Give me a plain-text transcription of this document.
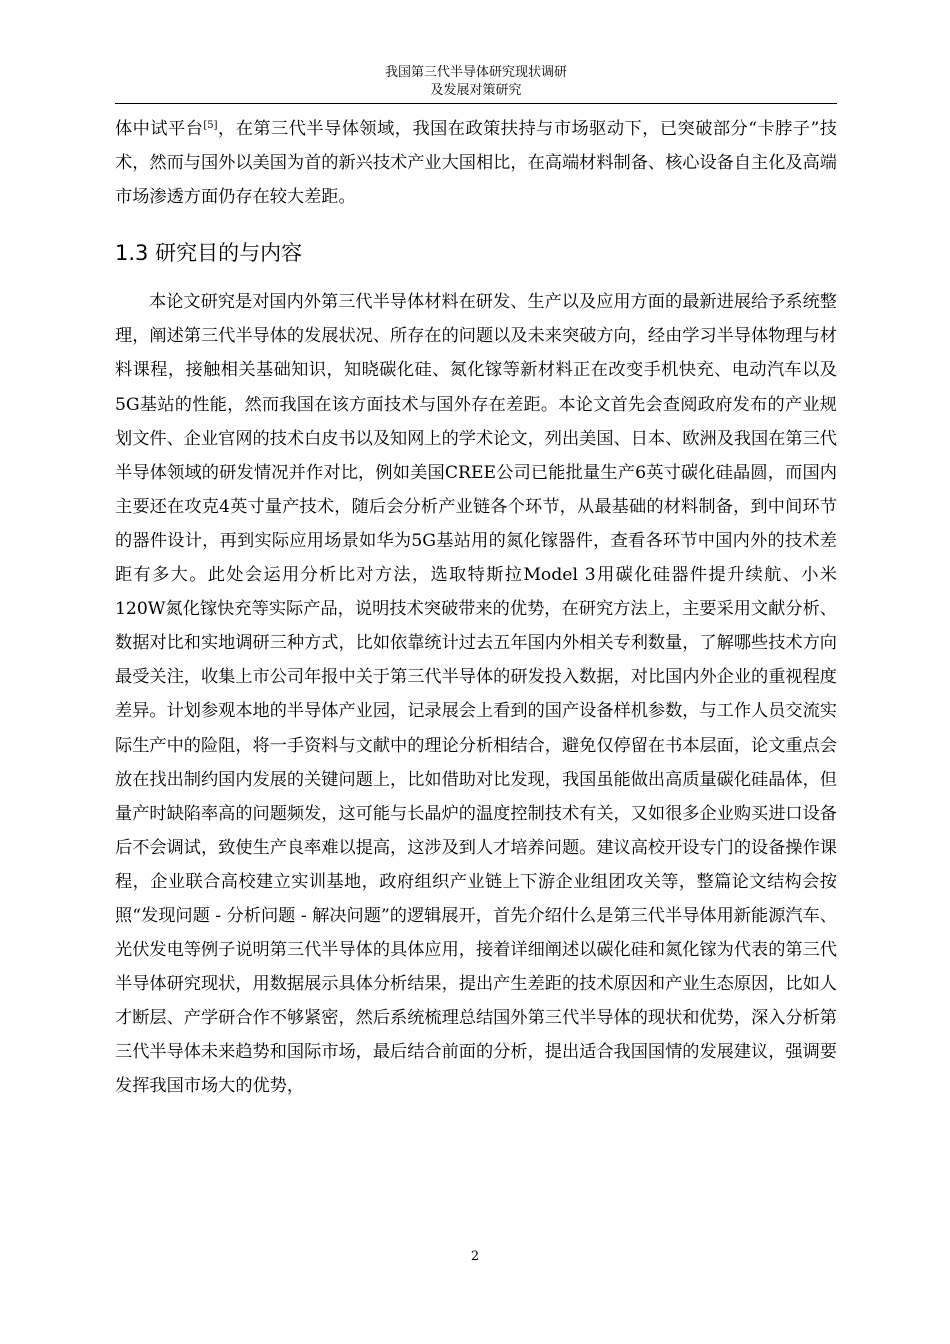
我国第三代半导体研究现状调研
及发展对策研究

体中试平台[5]，在第三代半导体领域，我国在政策扶持与市场驱动下，已突破部分“卡脖子”技术，然而与国外以美国为首的新兴技术产业大国相比，在高端材料制备、核心设备自主化及高端市场渗透方面仍存在较大差距。

1.3 研究目的与内容

本论文研究是对国内外第三代半导体材料在研发、生产以及应用方面的最新进展给予系统整理，阐述第三代半导体的发展状况、所存在的问题以及未来突破方向，经由学习半导体物理与材料课程，接触相关基础知识，知晓碳化硅、氮化镓等新材料正在改变手机快充、电动汽车以及5G基站的性能，然而我国在该方面技术与国外存在差距。本论文首先会查阅政府发布的产业规划文件、企业官网的技术白皮书以及知网上的学术论文，列出美国、日本、欧洲及我国在第三代半导体领域的研发情况并作对比，例如美国CREE公司已能批量生产6英寸碳化硅晶圆，而国内主要还在攻克4英寸量产技术，随后会分析产业链各个环节，从最基础的材料制备，到中间环节的器件设计，再到实际应用场景如华为5G基站用的氮化镓器件，查看各环节中国内外的技术差距有多大。此处会运用分析比对方法，选取特斯拉Model 3用碳化硅器件提升续航、小米120W氮化镓快充等实际产品，说明技术突破带来的优势，在研究方法上，主要采用文献分析、数据对比和实地调研三种方式，比如依靠统计过去五年国内外相关专利数量，了解哪些技术方向最受关注，收集上市公司年报中关于第三代半导体的研发投入数据，对比国内外企业的重视程度差异。计划参观本地的半导体产业园，记录展会上看到的国产设备样机参数，与工作人员交流实际生产中的险阻，将一手资料与文献中的理论分析相结合，避免仅停留在书本层面，论文重点会放在找出制约国内发展的关键问题上，比如借助对比发现，我国虽能做出高质量碳化硅晶体，但量产时缺陷率高的问题频发，这可能与长晶炉的温度控制技术有关，又如很多企业购买进口设备后不会调试，致使生产良率难以提高，这涉及到人才培养问题。建议高校开设专门的设备操作课程，企业联合高校建立实训基地，政府组织产业链上下游企业组团攻关等，整篇论文结构会按照“发现问题 - 分析问题 - 解决问题”的逻辑展开，首先介绍什么是第三代半导体用新能源汽车、光伏发电等例子说明第三代半导体的具体应用，接着详细阐述以碳化硅和氮化镓为代表的第三代半导体研究现状，用数据展示具体分析结果，提出产生差距的技术原因和产业生态原因，比如人才断层、产学研合作不够紧密，然后系统梳理总结国外第三代半导体的现状和优势，深入分析第三代半导体未来趋势和国际市场，最后结合前面的分析，提出适合我国国情的发展建议，强调要发挥我国市场大的优势，

2
